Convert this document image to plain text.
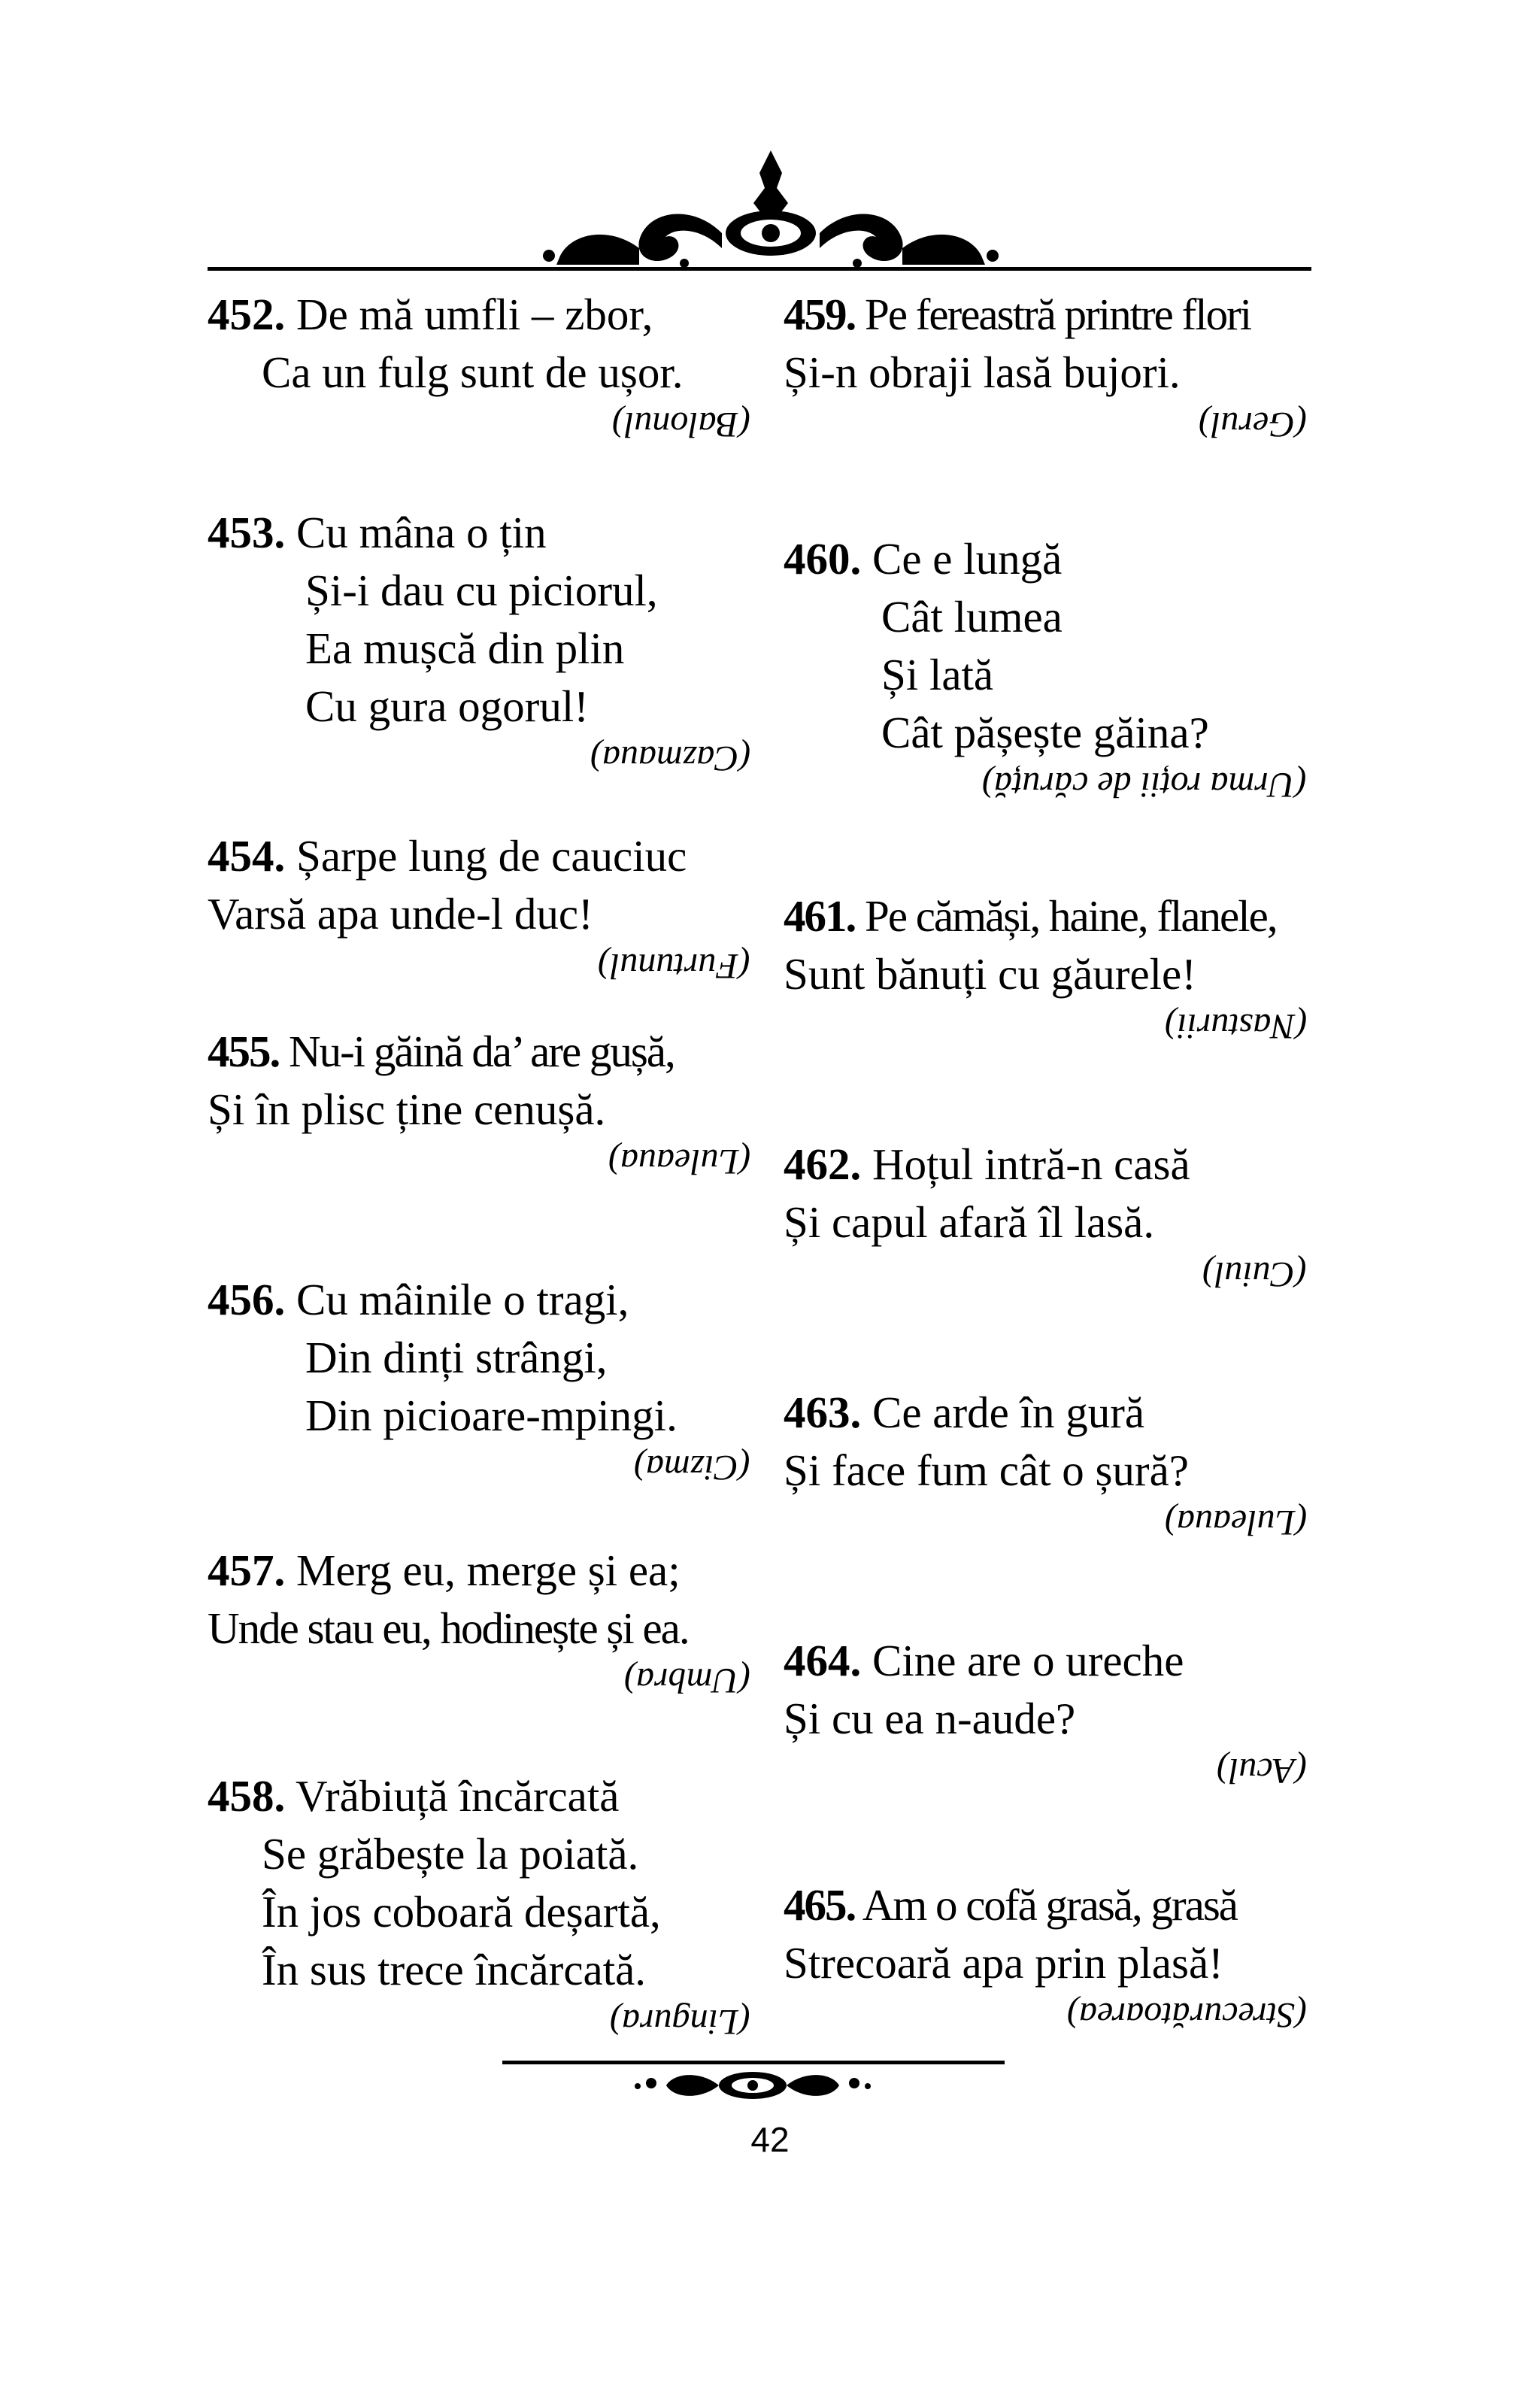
452. De mă umfli – zbor,
Ca un fulg sunt de ușor.
(Balonul)
453. Cu mâna o țin
Și-i dau cu piciorul,
Ea mușcă din plin
Cu gura ogorul!
(Cazmaua)
454. Șarpe lung de cauciuc
Varsă apa unde-l duc!
(Furtunul)
455. Nu-i găină da’ are gușă,
Și în plisc ține cenușă.
(Luleaua)
456. Cu mâinile o tragi,
Din dinți strângi,
Din picioare-mpingi.
(Cizma)
457. Merg eu, merge și ea;
Unde stau eu, hodinește și ea.
(Umbra)
458. Vrăbiuță încărcată
Se grăbește la poiată.
În jos coboară deșartă,
În sus trece încărcată.
(Lingura)
459. Pe fereastră printre flori
Și-n obraji lasă bujori.
(Gerul)
460. Ce e lungă
Cât lumea
Și lată
Cât pășește găina?
(Urma roții de căruță)
461. Pe cămăși, haine, flanele,
Sunt bănuți cu găurele!
(Nasturii)
462. Hoțul intră-n casă
Și capul afară îl lasă.
(Cuiul)
463. Ce arde în gură
Și face fum cât o șură?
(Luleaua)
464. Cine are o ureche
Și cu ea n-aude?
(Acul)
465. Am o cofă grasă, grasă
Strecoară apa prin plasă!
(Strecurătoarea)
42
